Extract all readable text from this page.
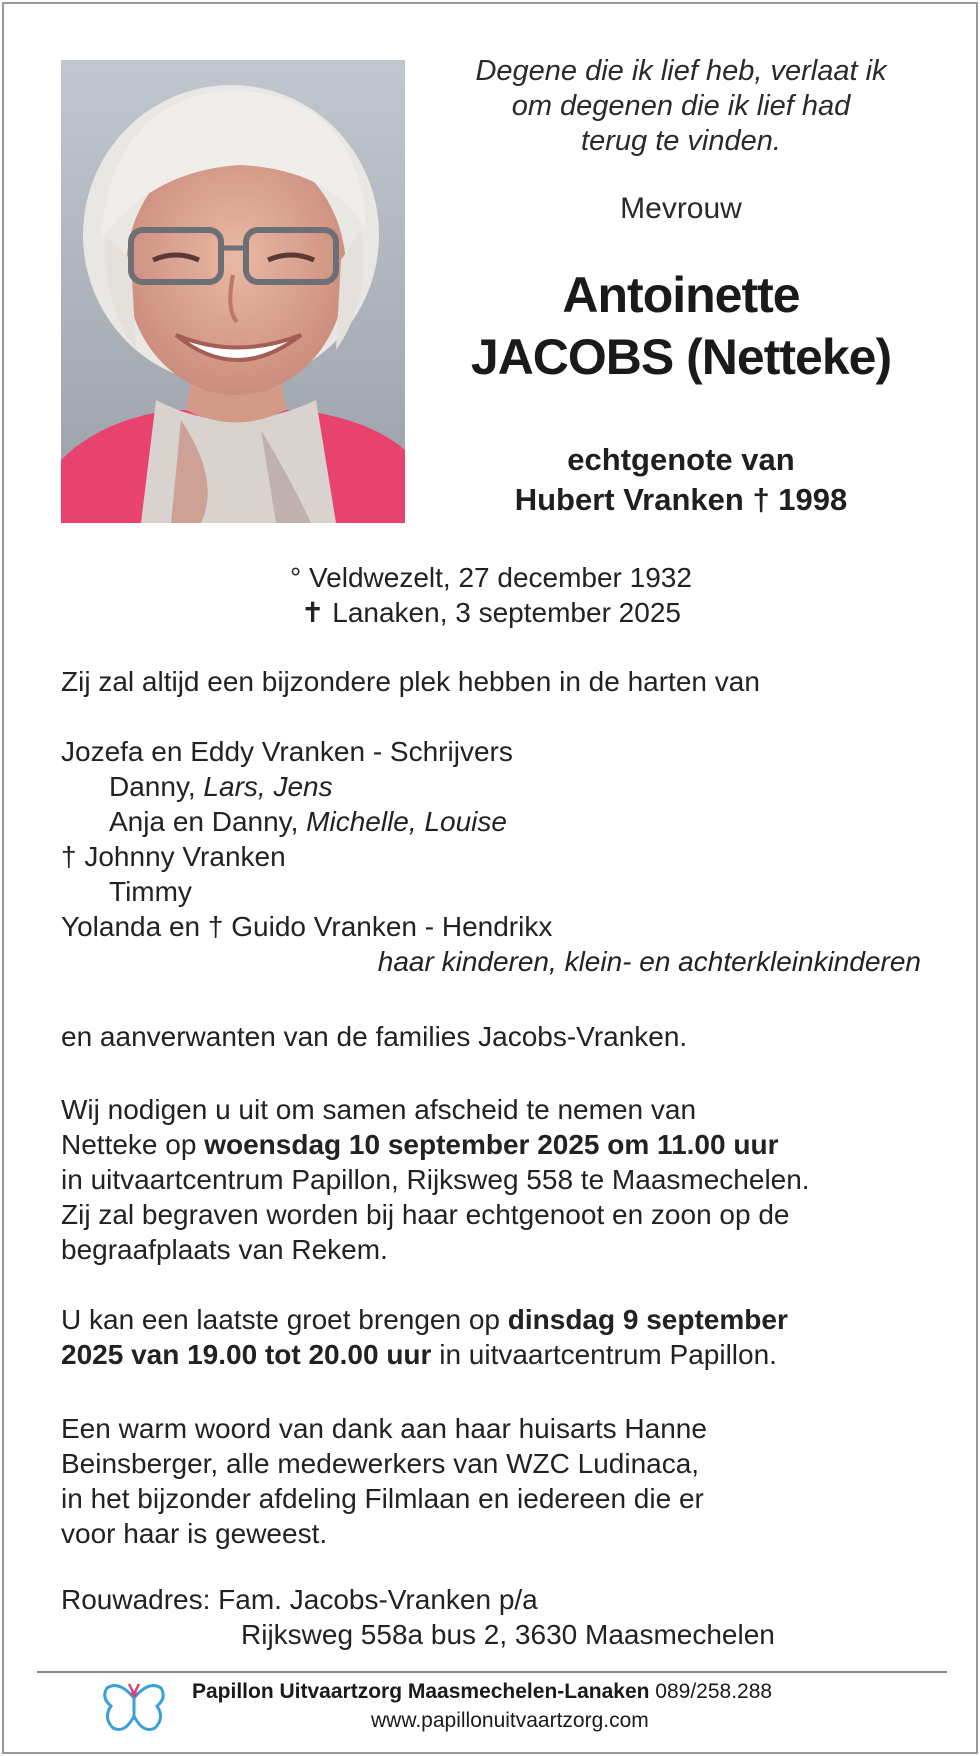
Degene die ik lief heb, verlaat ik
om degenen die ik lief had
terug te vinden.
Mevrouw
Antoinette
JACOBS (Netteke)
echtgenote van
Hubert Vranken † 1998
° Veldwezelt, 27 december 1932
✝ Lanaken, 3 september 2025
Zij zal altijd een bijzondere plek hebben in de harten van
Jozefa en Eddy Vranken - Schrijvers
Danny, Lars, Jens
Anja en Danny, Michelle, Louise
† Johnny Vranken
Timmy
Yolanda en † Guido Vranken - Hendrikx
haar kinderen, klein- en achterkleinkinderen
en aanverwanten van de families Jacobs-Vranken.
Wij nodigen u uit om samen afscheid te nemen van
Netteke op woensdag 10 september 2025 om 11.00 uur
in uitvaartcentrum Papillon, Rijksweg 558 te Maasmechelen.
Zij zal begraven worden bij haar echtgenoot en zoon op de
begraafplaats van Rekem.
U kan een laatste groet brengen op dinsdag 9 september
2025 van 19.00 tot 20.00 uur in uitvaartcentrum Papillon.
Een warm woord van dank aan haar huisarts Hanne
Beinsberger, alle medewerkers van WZC Ludinaca,
in het bijzonder afdeling Filmlaan en iedereen die er
voor haar is geweest.
Rouwadres: Fam. Jacobs-Vranken p/a
Rijksweg 558a bus 2, 3630 Maasmechelen
Papillon Uitvaartzorg Maasmechelen-Lanaken 089/258.288
www.papillonuitvaartzorg.com
